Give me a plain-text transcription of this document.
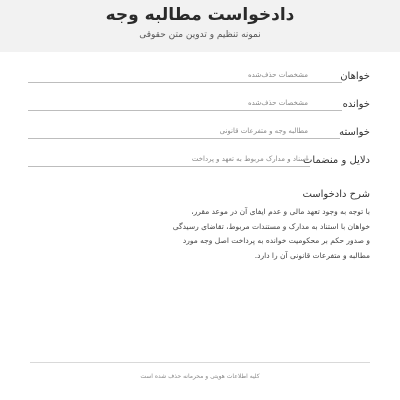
دادخواست مطالبه وجه
نمونه تنظیم و تدوین متن حقوقی
خواهان
مشخصات حذف‌شده
خوانده
مشخصات حذف‌شده
خواسته
مطالبه وجه و متفرعات قانونی
دلایل و منضمات
اسناد و مدارک مربوط به تعهد و پرداخت
شرح دادخواست
با توجه به وجود تعهد مالی و عدم ایفای آن در موعد مقرر، خواهان با استناد به مدارک و مستندات مربوط، تقاضای رسیدگی و صدور حکم بر محکومیت خوانده به پرداخت اصل وجه مورد مطالبه و متفرعات قانونی آن را دارد.
کلیه اطلاعات هویتی و محرمانه حذف شده است
